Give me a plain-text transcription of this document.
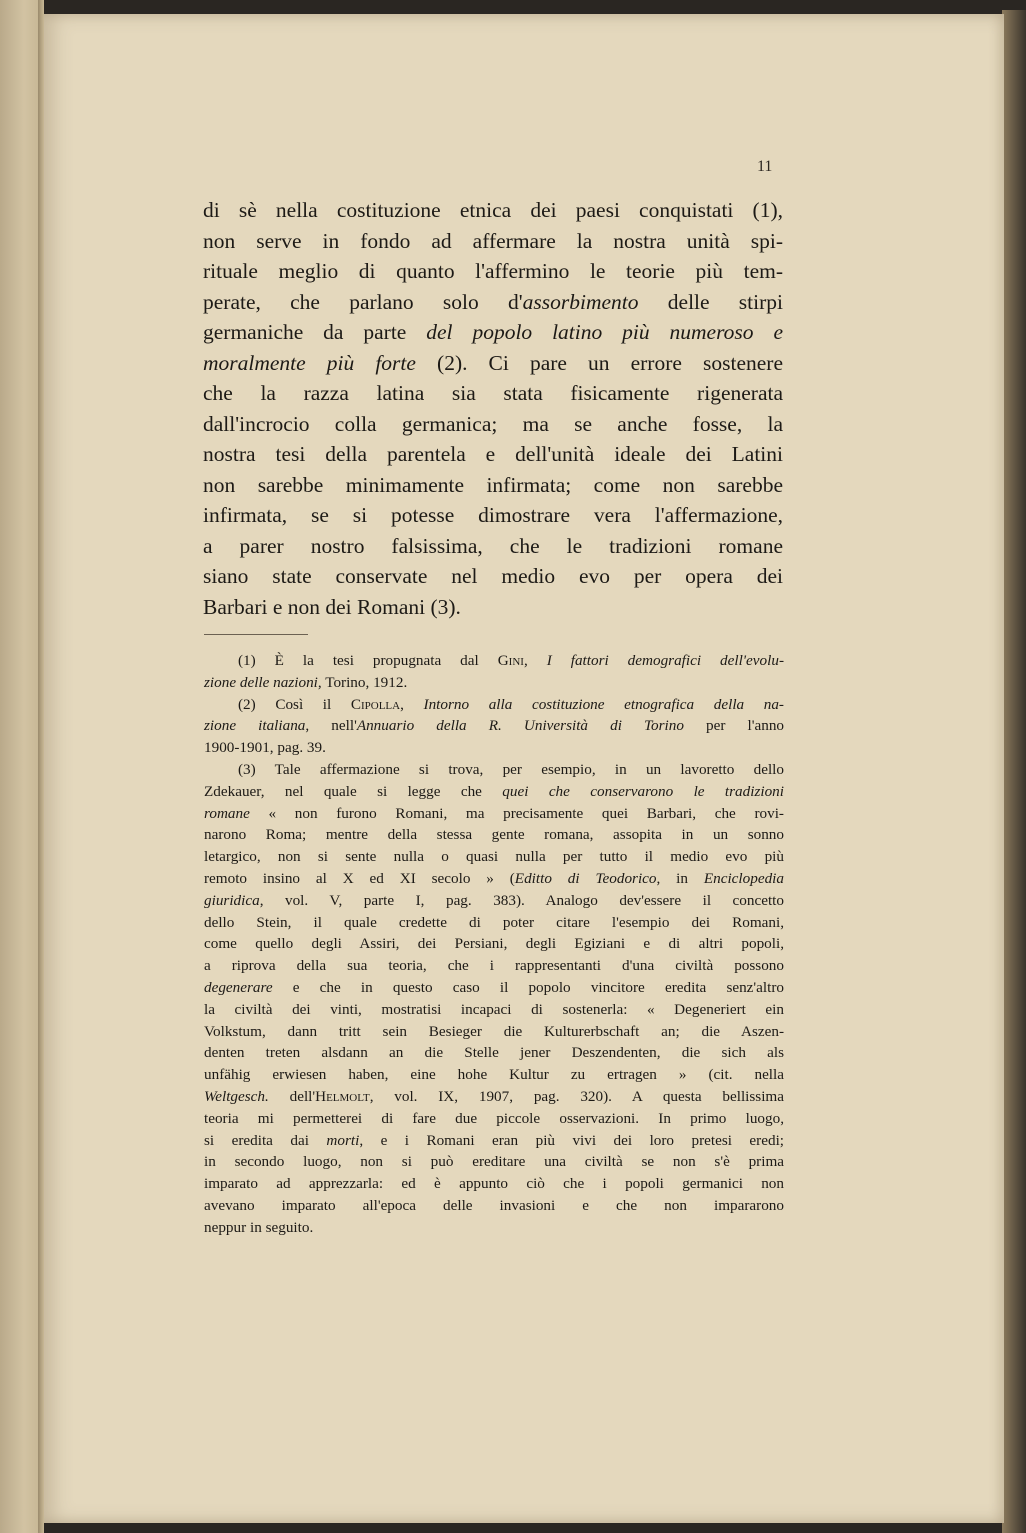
11
di sè nella costituzione etnica dei paesi conquistati (1),
non serve in fondo ad affermare la nostra unità spi-
rituale meglio di quanto l'affermino le teorie più tem-
perate, che parlano solo d'assorbimento delle stirpi
germaniche da parte del popolo latino più numeroso e
moralmente più forte (2). Ci pare un errore sostenere
che la razza latina sia stata fisicamente rigenerata
dall'incrocio colla germanica; ma se anche fosse, la
nostra tesi della parentela e dell'unità ideale dei Latini
non sarebbe minimamente infirmata; come non sarebbe
infirmata, se si potesse dimostrare vera l'affermazione,
a parer nostro falsissima, che le tradizioni romane
siano state conservate nel medio evo per opera dei
Barbari e non dei Romani (3).
(1) È la tesi propugnata dal Gini, I fattori demografici dell'evolu-
zione delle nazioni, Torino, 1912.
(2) Così il Cipolla, Intorno alla costituzione etnografica della na-
zione italiana, nell'Annuario della R. Università di Torino per l'anno
1900-1901, pag. 39.
(3) Tale affermazione si trova, per esempio, in un lavoretto dello
Zdekauer, nel quale si legge che quei che conservarono le tradizioni
romane « non furono Romani, ma precisamente quei Barbari, che rovi-
narono Roma; mentre della stessa gente romana, assopita in un sonno
letargico, non si sente nulla o quasi nulla per tutto il medio evo più
remoto insino al X ed XI secolo » (Editto di Teodorico, in Enciclopedia
giuridica, vol. V, parte I, pag. 383). Analogo dev'essere il concetto
dello Stein, il quale credette di poter citare l'esempio dei Romani,
come quello degli Assiri, dei Persiani, degli Egiziani e di altri popoli,
a riprova della sua teoria, che i rappresentanti d'una civiltà possono
degenerare e che in questo caso il popolo vincitore eredita senz'altro
la civiltà dei vinti, mostratisi incapaci di sostenerla: « Degeneriert ein
Volkstum, dann tritt sein Besieger die Kulturerbschaft an; die Aszen-
denten treten alsdann an die Stelle jener Deszendenten, die sich als
unfähig erwiesen haben, eine hohe Kultur zu ertragen » (cit. nella
Weltgesch. dell'Helmolt, vol. IX, 1907, pag. 320). A questa bellissima
teoria mi permetterei di fare due piccole osservazioni. In primo luogo,
si eredita dai morti, e i Romani eran più vivi dei loro pretesi eredi;
in secondo luogo, non si può ereditare una civiltà se non s'è prima
imparato ad apprezzarla: ed è appunto ciò che i popoli germanici non
avevano imparato all'epoca delle invasioni e che non impararono
neppur in seguito.
